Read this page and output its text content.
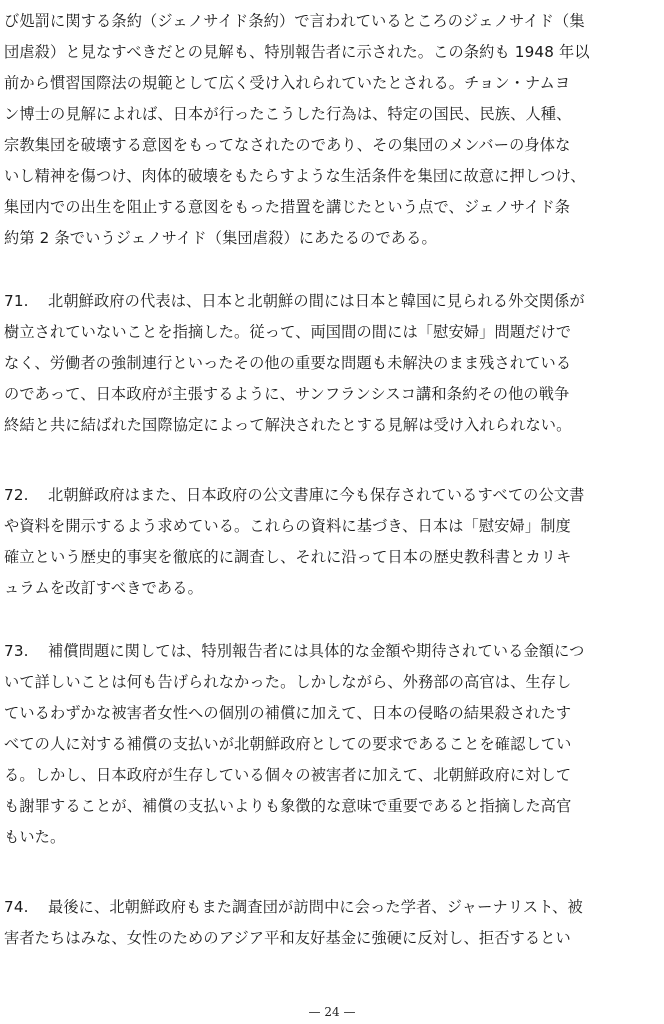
び処罰に関する条約（ジェノサイド条約）で言われているところのジェノサイド（集
団虐殺）と見なすべきだとの見解も、特別報告者に示された。この条約も 1948 年以
前から慣習国際法の規範として広く受け入れられていたとされる。チョン・ナムヨ
ン博士の見解によれば、日本が行ったこうした行為は、特定の国民、民族、人種、
宗教集団を破壊する意図をもってなされたのであり、その集団のメンバーの身体な
いし精神を傷つけ、肉体的破壊をもたらすような生活条件を集団に故意に押しつけ、
集団内での出生を阻止する意図をもった措置を講じたという点で、ジェノサイド条
約第 2 条でいうジェノサイド（集団虐殺）にあたるのである。
71. 北朝鮮政府の代表は、日本と北朝鮮の間には日本と韓国に見られる外交関係が
樹立されていないことを指摘した。従って、両国間の間には「慰安婦」問題だけで
なく、労働者の強制連行といったその他の重要な問題も未解決のまま残されている
のであって、日本政府が主張するように、サンフランシスコ講和条約その他の戦争
終結と共に結ばれた国際協定によって解決されたとする見解は受け入れられない。
72. 北朝鮮政府はまた、日本政府の公文書庫に今も保存されているすべての公文書
や資料を開示するよう求めている。これらの資料に基づき、日本は「慰安婦」制度
確立という歴史的事実を徹底的に調査し、それに沿って日本の歴史教科書とカリキ
ュラムを改訂すべきである。
73. 補償問題に関しては、特別報告者には具体的な金額や期待されている金額につ
いて詳しいことは何も告げられなかった。しかしながら、外務部の高官は、生存し
ているわずかな被害者女性への個別の補償に加えて、日本の侵略の結果殺されたす
べての人に対する補償の支払いが北朝鮮政府としての要求であることを確認してい
る。しかし、日本政府が生存している個々の被害者に加えて、北朝鮮政府に対して
も謝罪することが、補償の支払いよりも象徴的な意味で重要であると指摘した高官
もいた。
74. 最後に、北朝鮮政府もまた調査団が訪問中に会った学者、ジャーナリスト、被
害者たちはみな、女性のためのアジア平和友好基金に強硬に反対し、拒否するとい
— 24 —
